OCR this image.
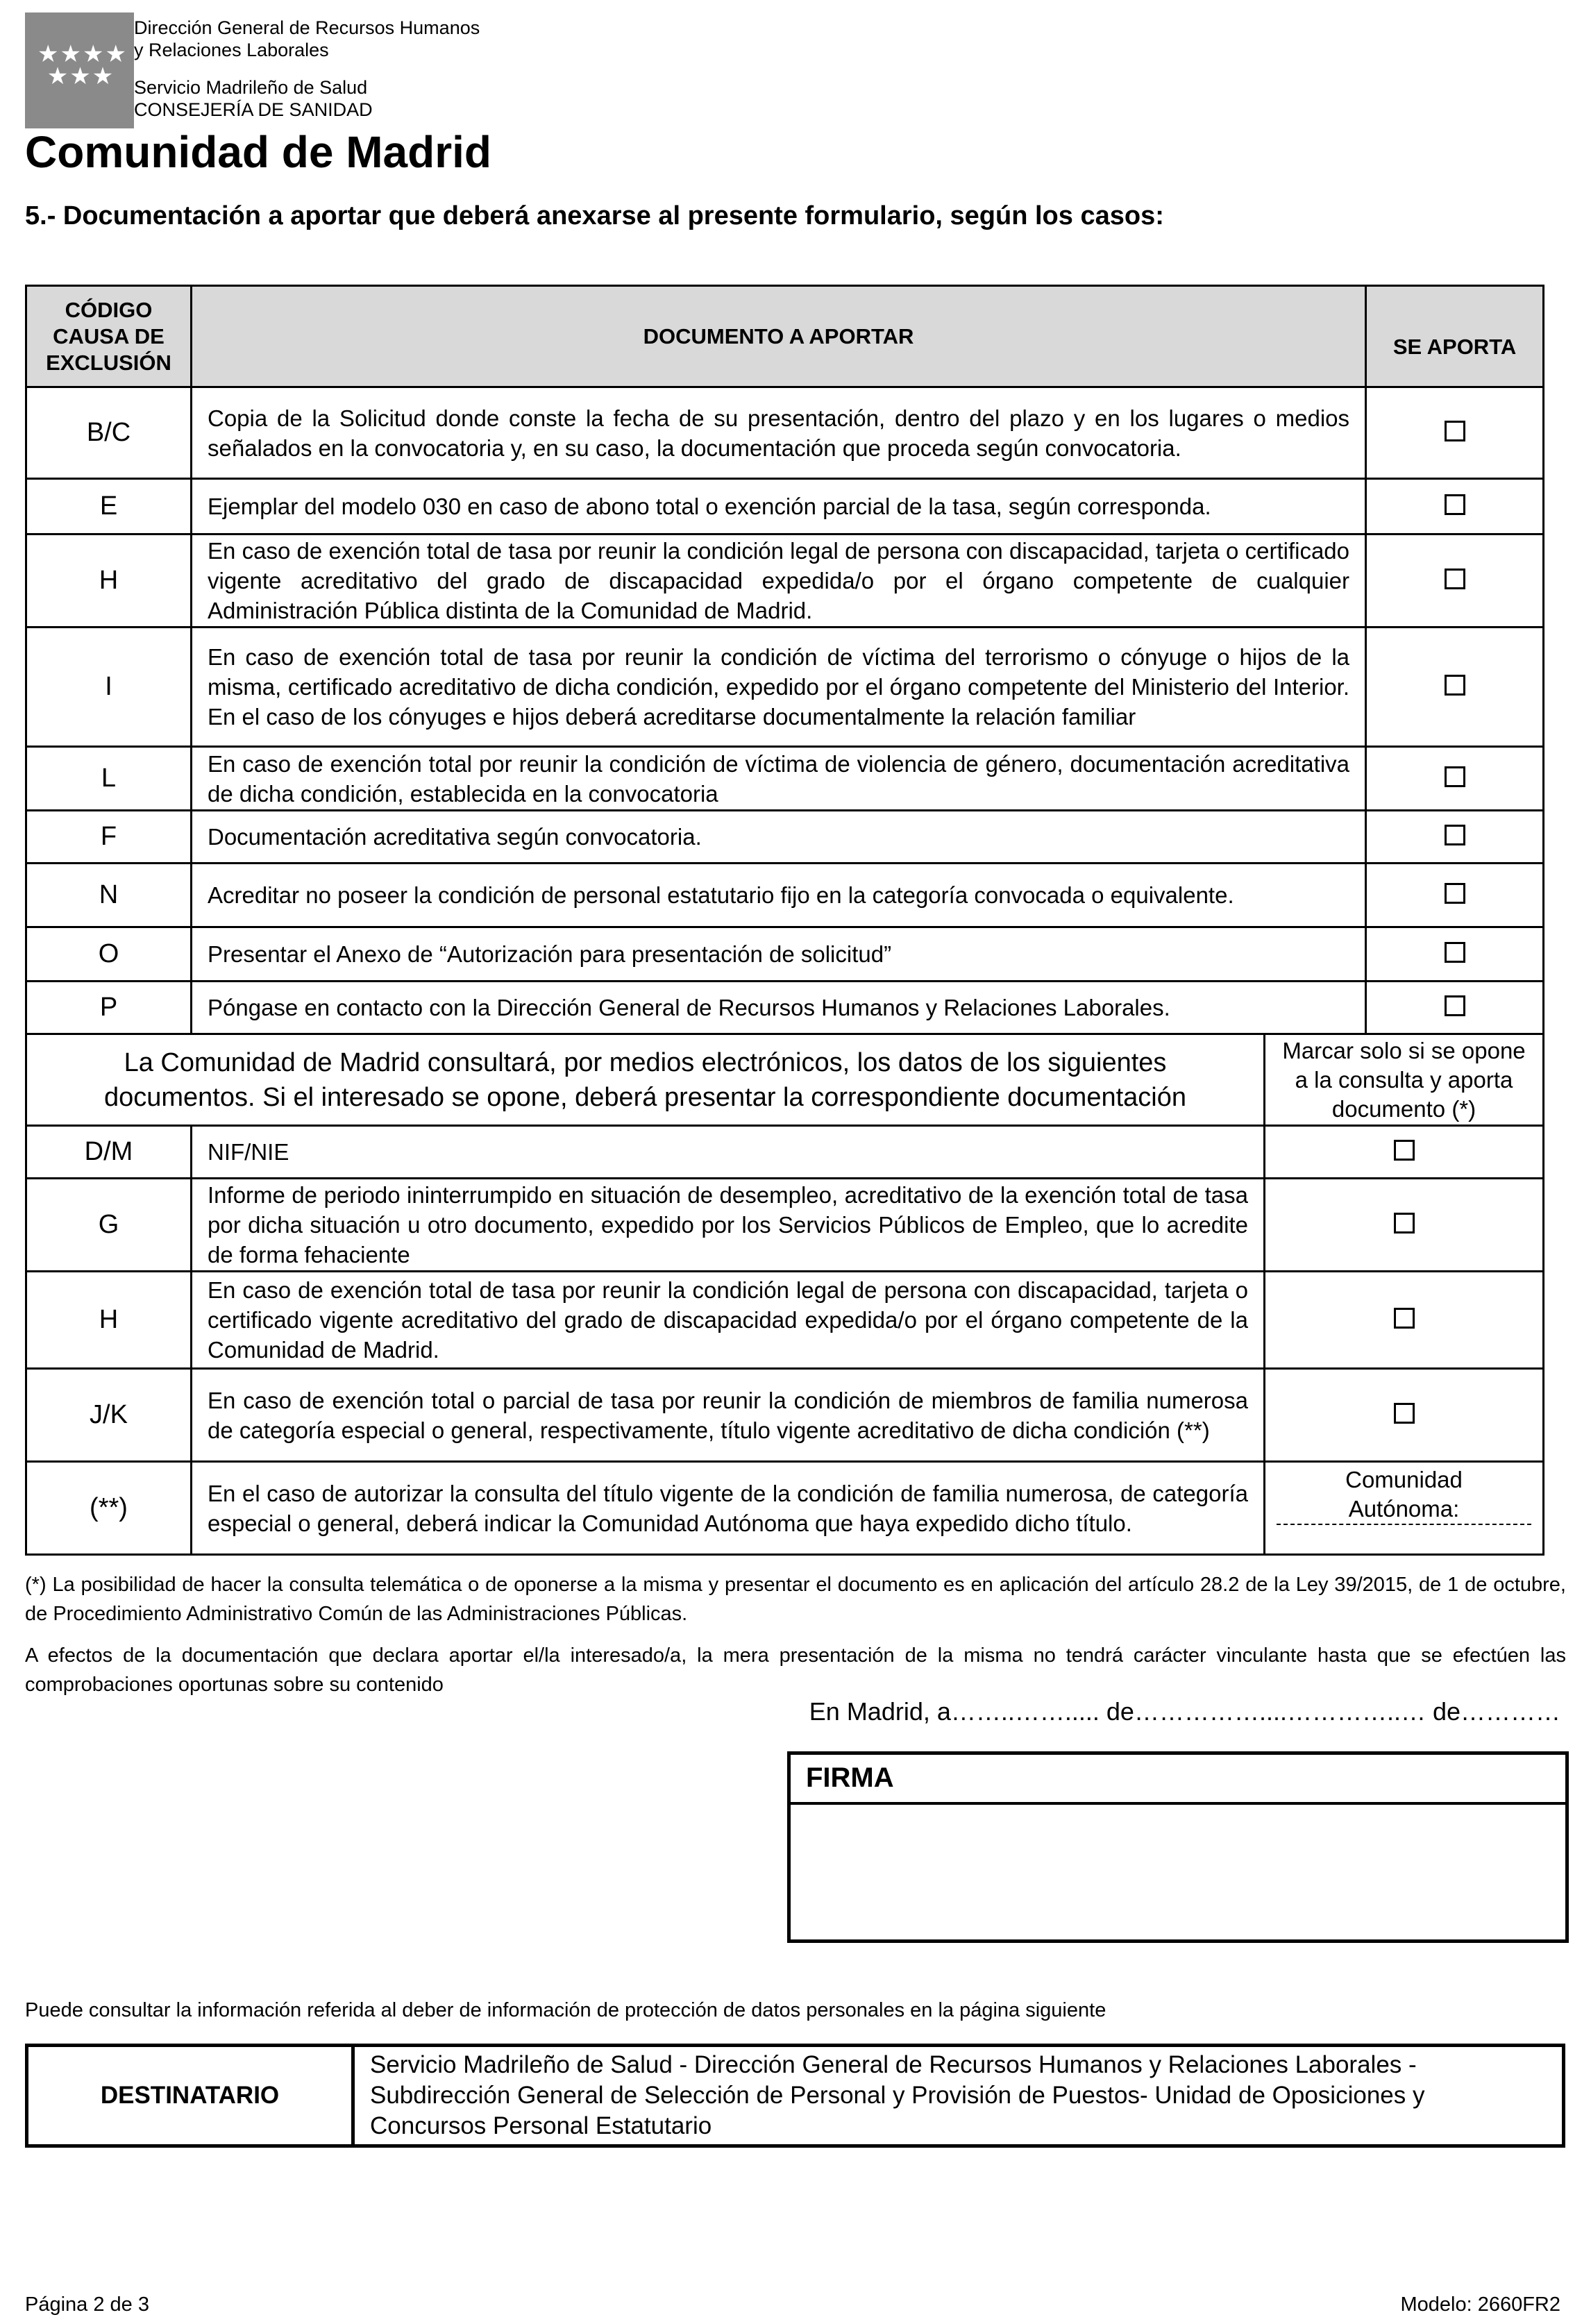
★★★★ ★★★
Dirección General de Recursos Humanos
y Relaciones Laborales
Servicio Madrileño de Salud
CONSEJERÍA DE SANIDAD
Comunidad de Madrid
5.- Documentación a aportar que deberá anexarse al presente formulario, según los casos:
CÓDIGO CAUSA DE EXCLUSIÓN	DOCUMENTO A APORTAR		SE APORTA
B/C	Copia de la Solicitud donde conste la fecha de su presentación, dentro del plazo y en los lugares o medios señalados en la convocatoria y, en su caso, la documentación que proceda según convocatoria.		
E	Ejemplar del modelo 030 en caso de abono total o exención parcial de la tasa, según corresponda.		
H	En caso de exención total de tasa por reunir la condición legal de persona con discapacidad, tarjeta o certificado vigente acreditativo del grado de discapacidad expedida/o por el órgano competente de cualquier Administración Pública distinta de la Comunidad de Madrid.		
I	En caso de exención total de tasa por reunir la condición de víctima del terrorismo o cónyuge o hijos de la misma, certificado acreditativo de dicha condición, expedido por el órgano competente del Ministerio del Interior. En el caso de los cónyuges e hijos deberá acreditarse documentalmente la relación familiar		
L	En caso de exención total por reunir la condición de víctima de violencia de género, documentación acreditativa de dicha condición, establecida en la convocatoria		
F	Documentación acreditativa según convocatoria.		
N	Acreditar no poseer la condición de personal estatutario fijo en la categoría convocada o equivalente.		
O	Presentar el Anexo de “Autorización para presentación de solicitud”		
P	Póngase en contacto con la Dirección General de Recursos Humanos y Relaciones Laborales.		
La Comunidad de Madrid consultará, por medios electrónicos, los datos de los siguientes documentos. Si el interesado se opone, deberá presentar la correspondiente documentación		Marcar solo si se opone a la consulta y aporta documento (*)	
D/M	NIF/NIE		
G	Informe de periodo ininterrumpido en situación de desempleo, acreditativo de la exención total de tasa por dicha situación u otro documento, expedido por los Servicios Públicos de Empleo, que lo acredite de forma fehaciente		
H	En caso de exención total de tasa por reunir la condición legal de persona con discapacidad, tarjeta o certificado vigente acreditativo del grado de discapacidad expedida/o por el órgano competente de la Comunidad de Madrid.		
J/K	En caso de exención total o parcial de tasa por reunir la condición de miembros de familia numerosa de categoría especial o general, respectivamente, título vigente acreditativo de dicha condición (**)		
(**)	En el caso de autorizar la consulta del título vigente de la condición de familia numerosa, de categoría especial o general, deberá indicar la Comunidad Autónoma que haya expedido dicho título.	Comunidad
Autónoma:	
(*) La posibilidad de hacer la consulta telemática o de oponerse a la misma y presentar el documento es en aplicación del artículo 28.2 de la Ley 39/2015, de 1 de octubre, de Procedimiento Administrativo Común de las Administraciones Públicas.
A efectos de la documentación que declara aportar el/la interesado/a, la mera presentación de la misma no tendrá carácter vinculante hasta que se efectúen las comprobaciones oportunas sobre su contenido
En Madrid, a……..……..... de……………....…………..… de…………
FIRMA
Puede consultar la información referida al deber de información de protección de datos personales en la página siguiente
DESTINATARIO	Servicio Madrileño de Salud - Dirección General de Recursos Humanos y Relaciones Laborales - Subdirección General de Selección de Personal y Provisión de Puestos- Unidad de Oposiciones y Concursos Personal Estatutario
Página 2 de 3	Modelo: 2660FR2
